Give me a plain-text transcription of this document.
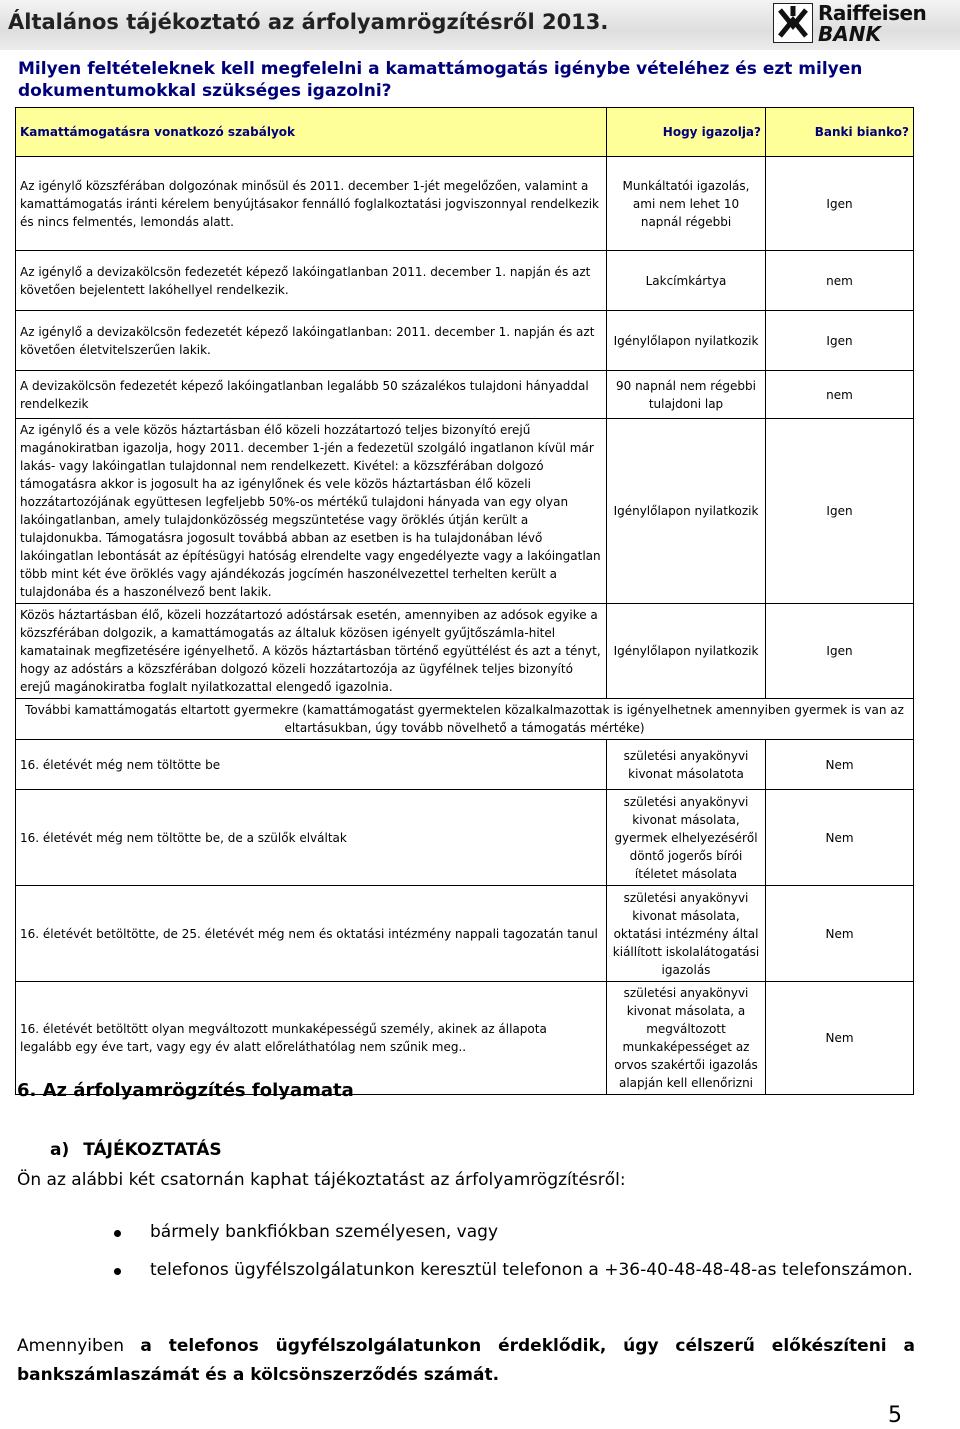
Általános tájékoztató az árfolyamrögzítésről 2013.	Raiffeisen
BANK
Milyen feltételeknek kell megfelelni a kamattámogatás igénybe vételéhez és ezt milyen dokumentumokkal szükséges igazolni?
Kamattámogatásra vonatkozó szabályok	Hogy igazolja?	Banki bianko?
Az igénylő közszférában dolgozónak minősül és 2011. december 1-jét megelőzően, valamint a kamattámogatás iránti kérelem benyújtásakor fennálló foglalkoztatási jogviszonnyal rendelkezik és nincs felmentés, lemondás alatt.	Munkáltatói igazolás, ami nem lehet 10 napnál régebbi	Igen
Az igénylő a devizakölcsön fedezetét képező lakóingatlanban 2011. december 1. napján és azt követően bejelentett lakóhellyel rendelkezik.	Lakcímkártya	nem
Az igénylő a devizakölcsön fedezetét képező lakóingatlanban: 2011. december 1. napján és azt követően életvitelszerűen lakik.	Igénylőlapon nyilatkozik	Igen
A devizakölcsön fedezetét képező lakóingatlanban legalább 50 százalékos tulajdoni hányaddal rendelkezik	90 napnál nem régebbi tulajdoni lap	nem
Az igénylő és a vele közös háztartásban élő közeli hozzátartozó teljes bizonyító erejű magánokiratban igazolja, hogy 2011. december 1-jén a fedezetül szolgáló ingatlanon kívül már lakás- vagy lakóingatlan tulajdonnal nem rendelkezett. Kivétel: a közszférában dolgozó támogatásra akkor is jogosult ha az igénylőnek és vele közös háztartásban élő közeli hozzátartozójának együttesen legfeljebb 50%-os mértékű tulajdoni hányada van egy olyan lakóingatlanban, amely tulajdonközösség megszüntetése vagy öröklés útján került a tulajdonukba. Támogatásra jogosult továbbá abban az esetben is ha tulajdonában lévő lakóingatlan lebontását az építésügyi hatóság elrendelte vagy engedélyezte vagy a lakóingatlan több mint két éve öröklés vagy ajándékozás jogcímén haszonélvezettel terhelten került a tulajdonába és a haszonélvező bent lakik.	Igénylőlapon nyilatkozik	Igen
Közös háztartásban élő, közeli hozzátartozó adóstársak esetén, amennyiben az adósok egyike a közszférában dolgozik, a kamattámogatás az általuk közösen igényelt gyűjtőszámla-hitel kamatainak megfizetésére igényelhető. A közös háztartásban történő együttélést és azt a tényt, hogy az adóstárs a közszférában dolgozó közeli hozzátartozója az ügyfélnek teljes bizonyító erejű magánokiratba foglalt nyilatkozattal elengedő igazolnia.	Igénylőlapon nyilatkozik	Igen
További kamattámogatás eltartott gyermekre (kamattámogatást gyermektelen közalkalmazottak is igényelhetnek amennyiben gyermek is van az eltartásukban, úgy tovább növelhető a támogatás mértéke)		
16. életévét még nem töltötte be	születési anyakönyvi kivonat másolatota	Nem
16. életévét még nem töltötte be, de a szülők elváltak	születési anyakönyvi kivonat másolata, gyermek elhelyezéséről döntő jogerős bírói ítéletet másolata	Nem
16. életévét betöltötte, de 25. életévét még nem és oktatási intézmény nappali tagozatán tanul	születési anyakönyvi kivonat másolata, oktatási intézmény által kiállított iskolalátogatási igazolás	Nem
16. életévét betöltött olyan megváltozott munkaképességű személy, akinek az állapota legalább egy éve tart, vagy egy év alatt előreláthatólag nem szűnik meg..	születési anyakönyvi kivonat másolata, a megváltozott munkaképességet az orvos szakértői igazolás alapján kell ellenőrizni	Nem
6. Az árfolyamrögzítés folyamata
a) TÁJÉKOZTATÁS
Ön az alábbi két csatornán kaphat tájékoztatást az árfolyamrögzítésről:
bármely bankfiókban személyesen, vagy
telefonos ügyfélszolgálatunkon keresztül telefonon a +36-40-48-48-48-as telefonszámon.
Amennyiben a telefonos ügyfélszolgálatunkon érdeklődik, úgy célszerű előkészíteni a bankszámlaszámát és a kölcsönszerződés számát.
5
